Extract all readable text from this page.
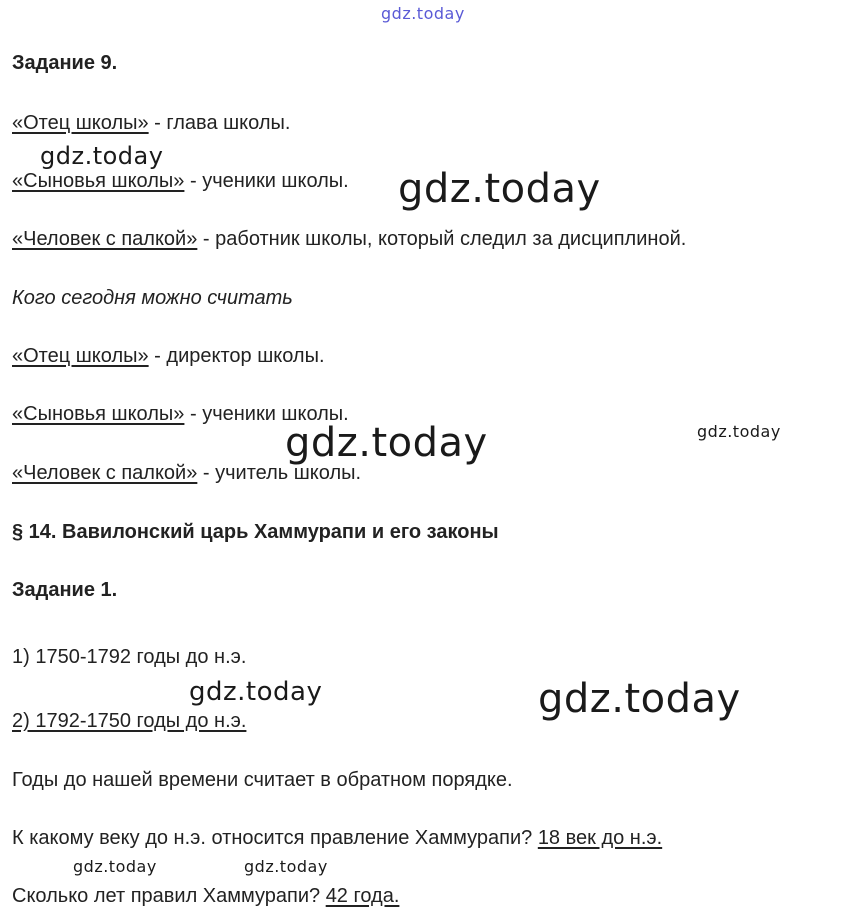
gdz.today
gdz.today
gdz.today
gdz.today	gdz.today
gdz.today	gdz.today
gdz.today	gdz.today
Задание 9.
«Отец школы» - глава школы.
«Сыновья школы» - ученики школы.
«Человек с палкой» - работник школы, который следил за дисциплиной.
Кого сегодня можно считать
«Отец школы» - директор школы.
«Сыновья школы» - ученики школы.
«Человек с палкой» - учитель школы.
§ 14. Вавилонский царь Хаммурапи и его законы
Задание 1.
1) 1750-1792 годы до н.э.
2) 1792-1750 годы до н.э.
Годы до нашей времени считает в обратном порядке.
К какому веку до н.э. относится правление Хаммурапи? 18 век до н.э.
Сколько лет правил Хаммурапи? 42 года.
